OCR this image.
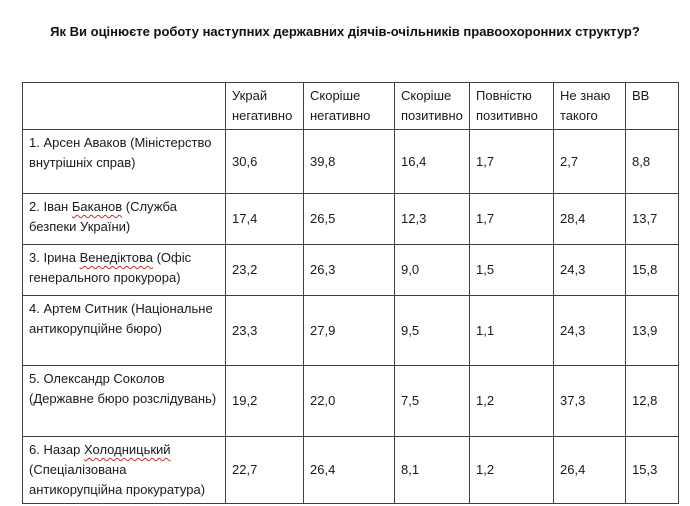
Як Ви оцінюєте роботу наступних державних діячів-очільників правоохоронних структур?
	Украй негативно	Скоріше негативно	Скоріше позитивно	Повністю позитивно	Не знаю такого	ВВ
1. Арсен Аваков (Міністерство внутрішніх справ)	30,6	39,8	16,4	1,7	2,7	8,8
2. Іван Баканов (Служба безпеки України)	17,4	26,5	12,3	1,7	28,4	13,7
3. Ірина Венедіктова (Офіс генерального прокурора)	23,2	26,3	9,0	1,5	24,3	15,8
4. Артем Ситник (Національне антикорупційне бюро)	23,3	27,9	9,5	1,1	24,3	13,9
5. Олександр Соколов (Державне бюро розслідувань)	19,2	22,0	7,5	1,2	37,3	12,8
6. Назар Холодницький (Спеціалізована антикорупційна прокуратура)	22,7	26,4	8,1	1,2	26,4	15,3
